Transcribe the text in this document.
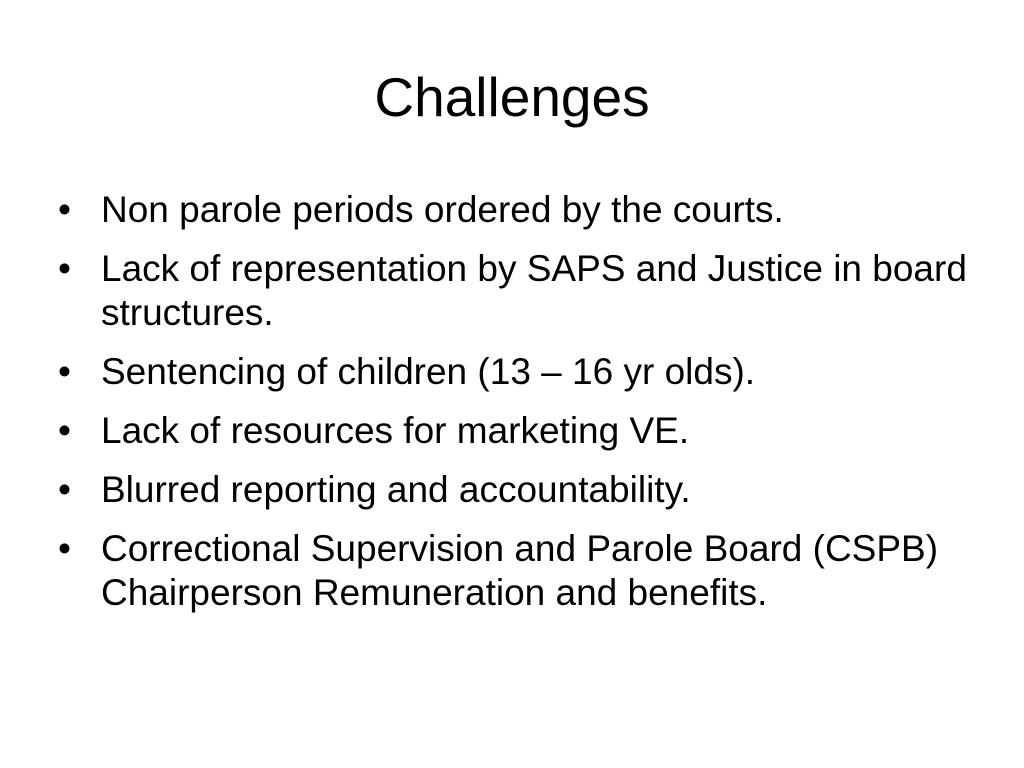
Challenges
• Non parole periods ordered by the courts.
• Lack of representation by SAPS and Justice in board structures.
• Sentencing of children (13 – 16 yr olds).
• Lack of resources for marketing VE.
• Blurred reporting and accountability.
• Correctional Supervision and Parole Board (CSPB) Chairperson Remuneration and benefits.
